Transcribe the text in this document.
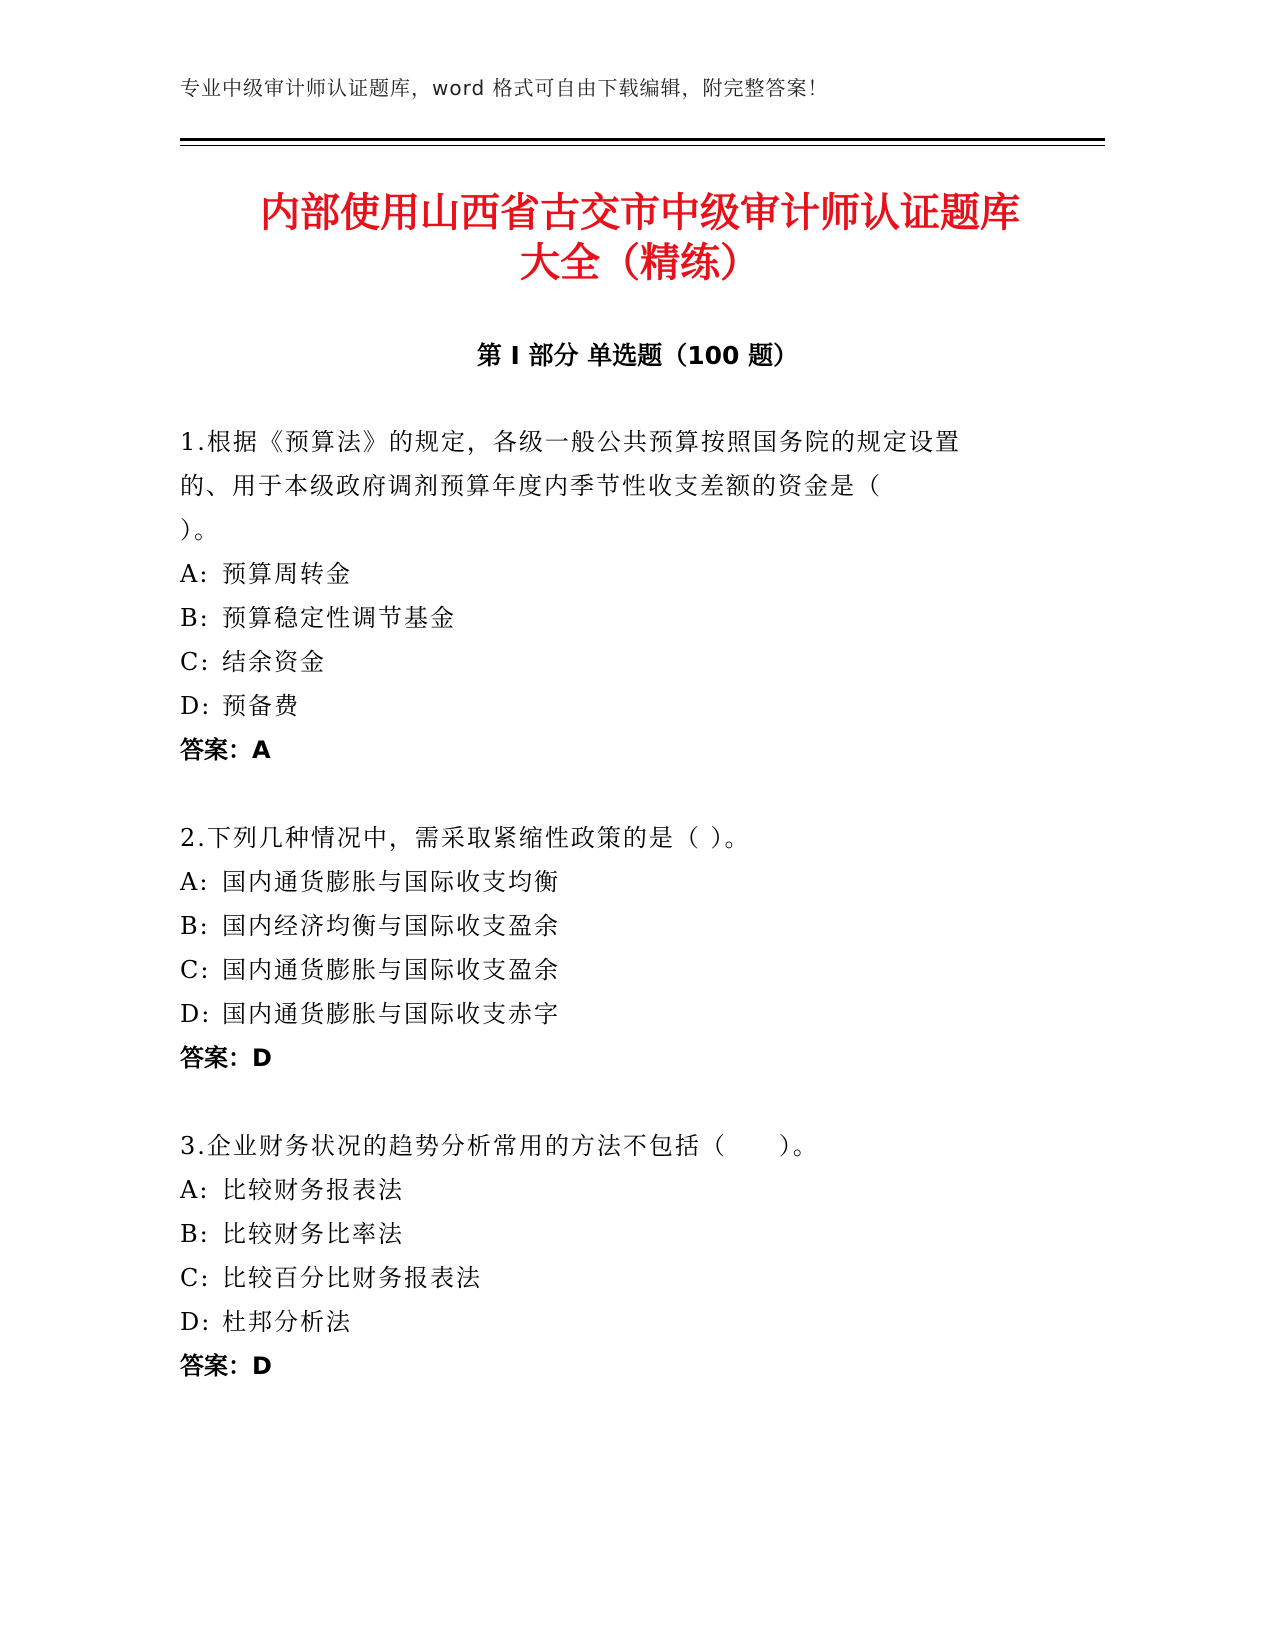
专业中级审计师认证题库，word 格式可自由下载编辑，附完整答案！
内部使用山西省古交市中级审计师认证题库
大全（精练）
第 I 部分 单选题（100 题）
1.根据《预算法》的规定，各级一般公共预算按照国务院的规定设置
的、用于本级政府调剂预算年度内季节性收支差额的资金是（
）。
A: 预算周转金
B: 预算稳定性调节基金
C: 结余资金
D: 预备费
答案：A
2.下列几种情况中，需采取紧缩性政策的是（ ）。
A: 国内通货膨胀与国际收支均衡
B: 国内经济均衡与国际收支盈余
C: 国内通货膨胀与国际收支盈余
D: 国内通货膨胀与国际收支赤字
答案：D
3.企业财务状况的趋势分析常用的方法不包括（　　）。
A: 比较财务报表法
B: 比较财务比率法
C: 比较百分比财务报表法
D: 杜邦分析法
答案：D
